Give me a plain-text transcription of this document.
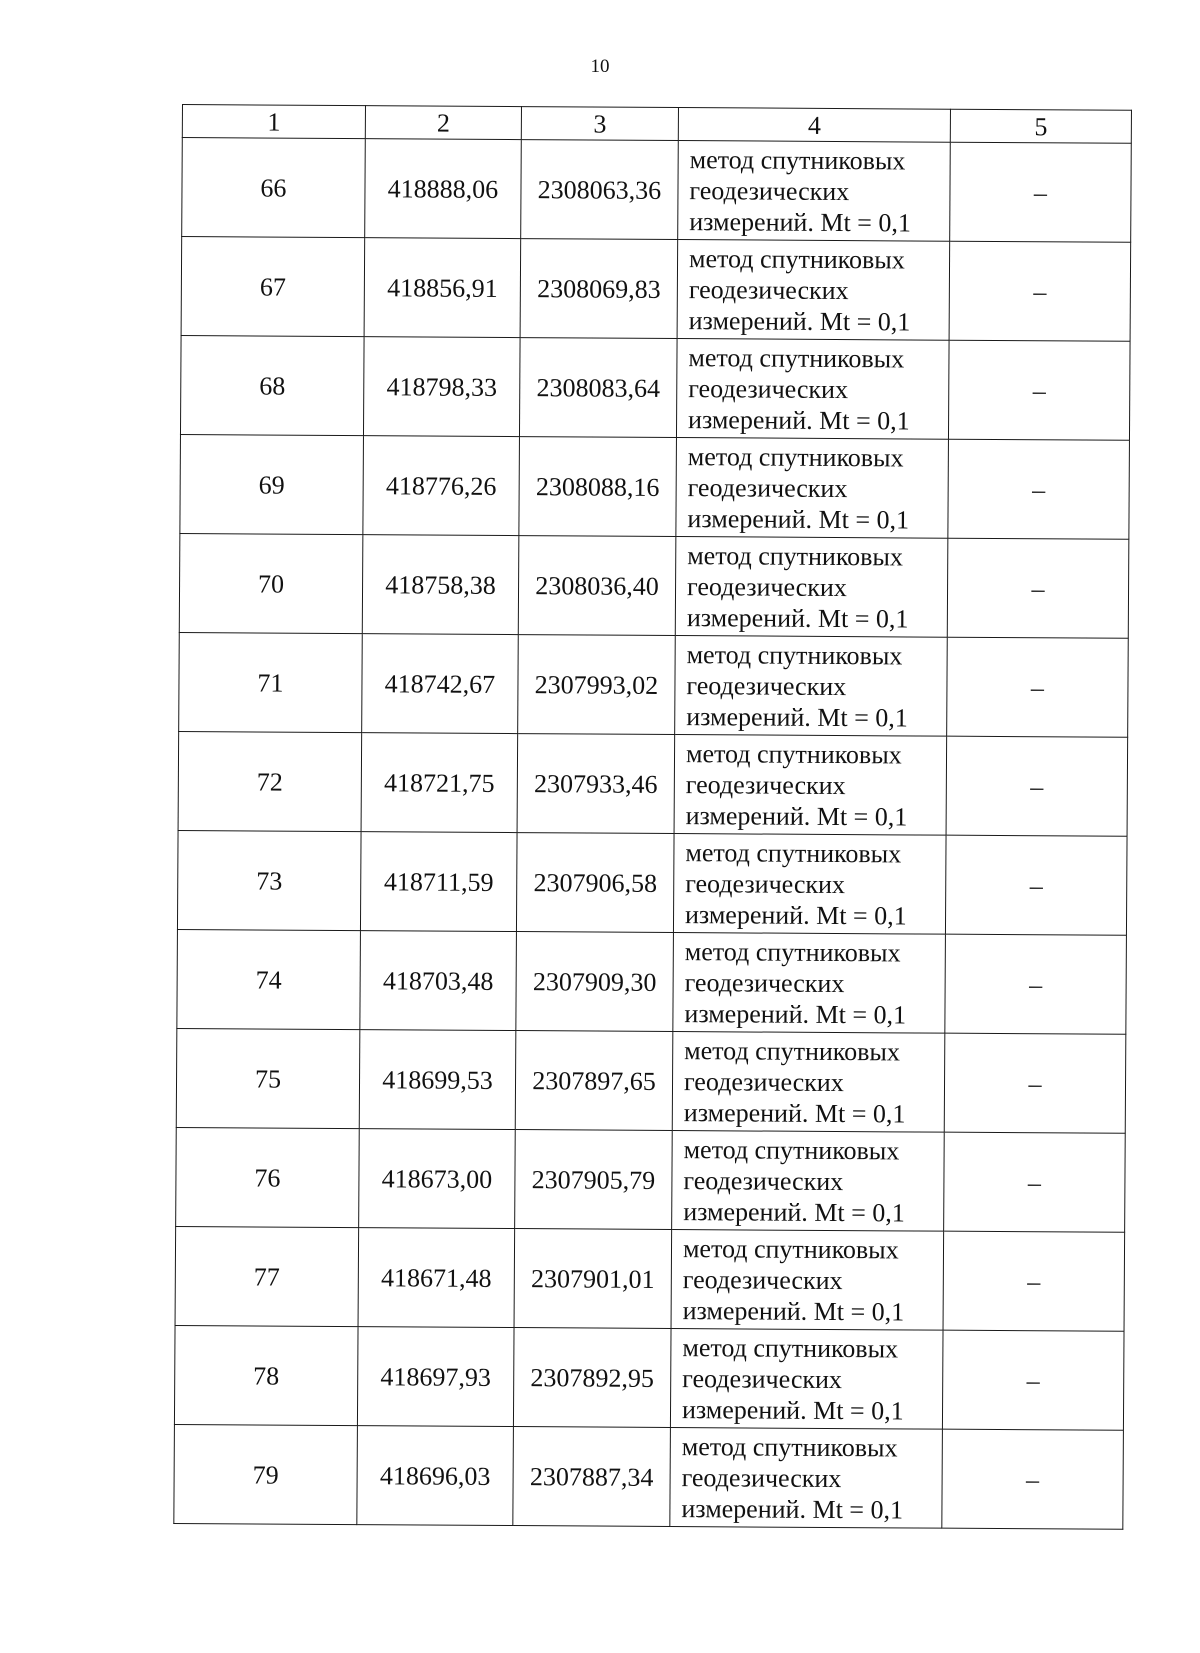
10
1	2	3	4	5
66	418888,06	2308063,36	метод спутниковых
геодезических
измерений. Mt = 0,1	–
67	418856,91	2308069,83	метод спутниковых
геодезических
измерений. Mt = 0,1	–
68	418798,33	2308083,64	метод спутниковых
геодезических
измерений. Mt = 0,1	–
69	418776,26	2308088,16	метод спутниковых
геодезических
измерений. Mt = 0,1	–
70	418758,38	2308036,40	метод спутниковых
геодезических
измерений. Mt = 0,1	–
71	418742,67	2307993,02	метод спутниковых
геодезических
измерений. Mt = 0,1	–
72	418721,75	2307933,46	метод спутниковых
геодезических
измерений. Mt = 0,1	–
73	418711,59	2307906,58	метод спутниковых
геодезических
измерений. Mt = 0,1	–
74	418703,48	2307909,30	метод спутниковых
геодезических
измерений. Mt = 0,1	–
75	418699,53	2307897,65	метод спутниковых
геодезических
измерений. Mt = 0,1	–
76	418673,00	2307905,79	метод спутниковых
геодезических
измерений. Mt = 0,1	–
77	418671,48	2307901,01	метод спутниковых
геодезических
измерений. Mt = 0,1	–
78	418697,93	2307892,95	метод спутниковых
геодезических
измерений. Mt = 0,1	–
79	418696,03	2307887,34	метод спутниковых
геодезических
измерений. Mt = 0,1	–
